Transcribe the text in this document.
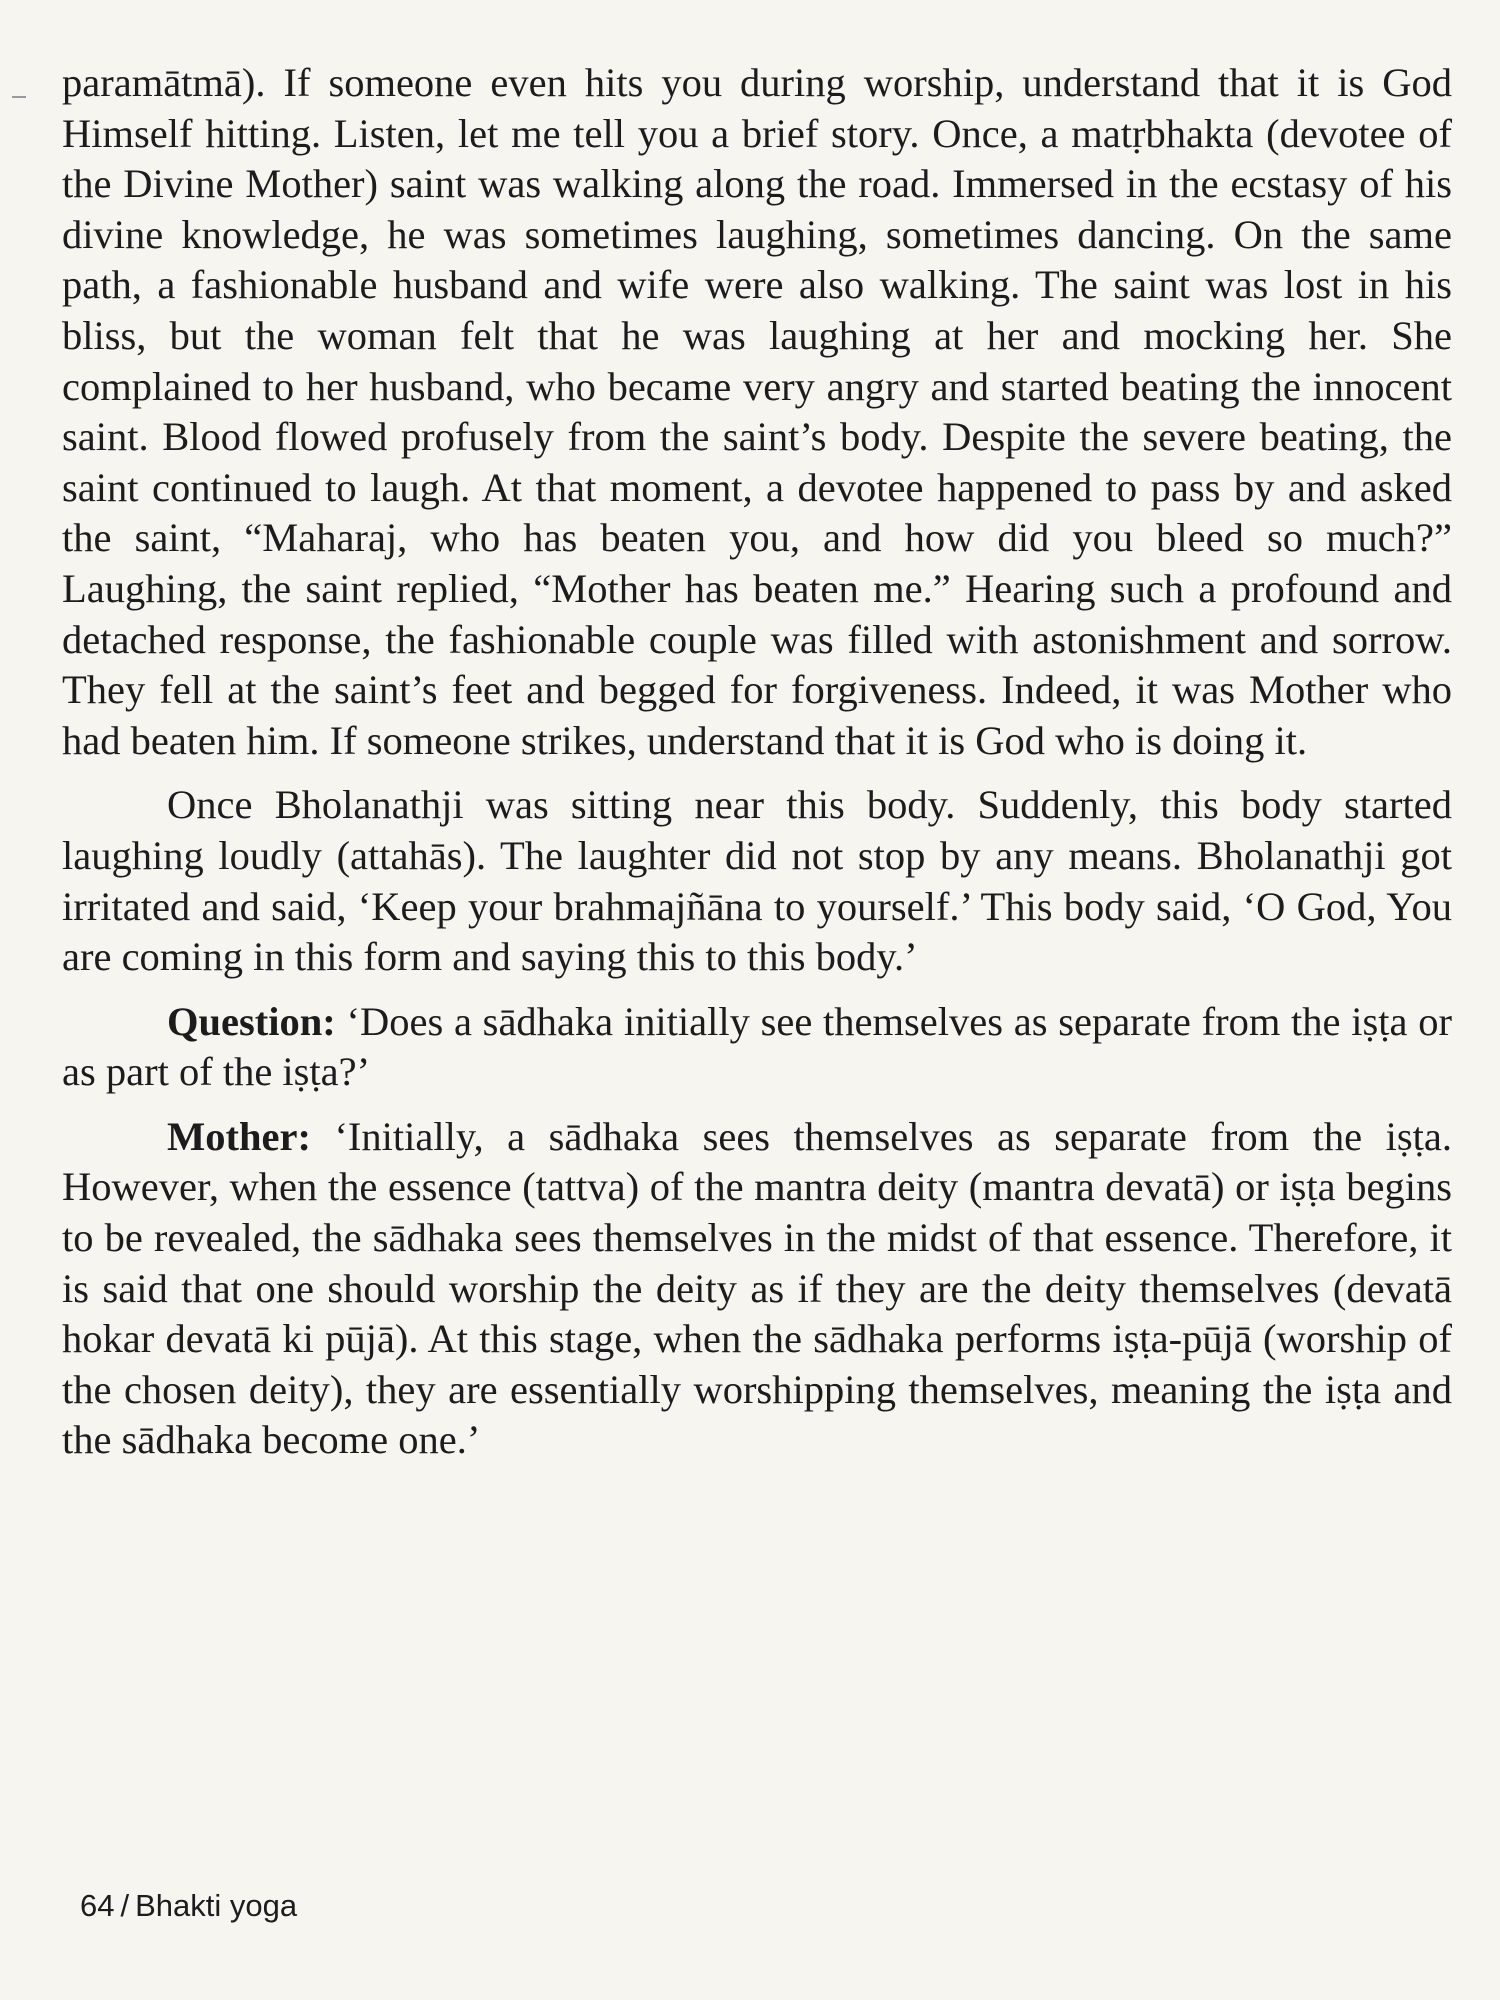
paramātmā). If someone even hits you during worship, understand that it is God Himself hitting. Listen, let me tell you a brief story. Once, a matṛbhakta (devotee of the Divine Mother) saint was walking along the road. Immersed in the ecstasy of his divine knowledge, he was sometimes laughing, sometimes dancing. On the same path, a fashionable husband and wife were also walking. The saint was lost in his bliss, but the woman felt that he was laughing at her and mocking her. She complained to her husband, who became very angry and started beating the innocent saint. Blood flowed profusely from the saint’s body. Despite the severe beating, the saint continued to laugh. At that moment, a devotee happened to pass by and asked the saint, “Maharaj, who has beaten you, and how did you bleed so much?” Laughing, the saint replied, “Mother has beaten me.” Hearing such a profound and detached response, the fashionable couple was filled with astonishment and sorrow. They fell at the saint’s feet and begged for forgiveness. Indeed, it was Mother who had beaten him. If someone strikes, understand that it is God who is doing it.

Once Bholanathji was sitting near this body. Suddenly, this body started laughing loudly (attahās). The laughter did not stop by any means. Bholanathji got irritated and said, ‘Keep your brahmajñāna to yourself.’ This body said, ‘O God, You are coming in this form and saying this to this body.’

Question: ‘Does a sādhaka initially see themselves as separate from the iṣṭa or as part of the iṣṭa?’

Mother: ‘Initially, a sādhaka sees themselves as separate from the iṣṭa. However, when the essence (tattva) of the mantra deity (mantra devatā) or iṣṭa begins to be revealed, the sādhaka sees themselves in the midst of that essence. Therefore, it is said that one should worship the deity as if they are the deity themselves (devatā hokar devatā ki pūjā). At this stage, when the sādhaka performs iṣṭa-pūjā (worship of the chosen deity), they are essentially worshipping themselves, meaning the iṣṭa and the sādhaka become one.’

64 / Bhakti yoga
